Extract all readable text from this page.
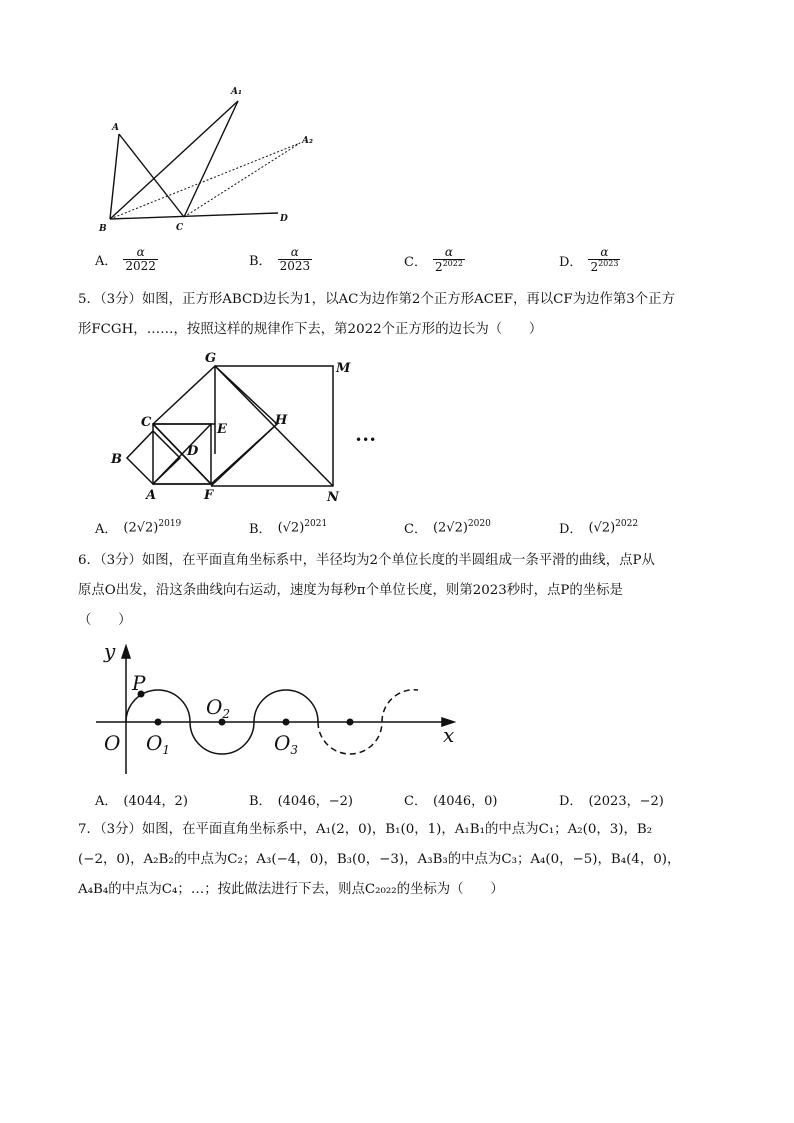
A
A₁
A₂
B	C
D
A． $\frac{\alpha}{2022}$	B． $\frac{\alpha}{2023}$	C． $\frac{\alpha}{2^{2022}}$	D． $\frac{\alpha}{2^{2023}}$
5．（3分）如图，正方形ABCD边长为1，以AC为边作第2个正方形ACEF，再以CF为边作第3个正方
形FCGH，……，按照这样的规律作下去，第2022个正方形的边长为（　　）
G
M
C	E
H
B
D
A	F	N
•••
A． $(2√2)^{2019}$	B． $(√2)^{2021}$	C． $(2√2)^{2020}$	D． $(√2)^{2022}$
6．（3分）如图，在平面直角坐标系中，半径均为2个单位长度的半圆组成一条平滑的曲线，点P从
原点O出发，沿这条曲线向右运动，速度为每秒π个单位长度，则第2023秒时，点P的坐标是
（　　）
y
x
P
O $O_1$
$O_2$
$O_3$
A． (4044，2)	B． (4046，−2)	C． (4046，0)	D． (2023，−2)
7．（3分）如图，在平面直角坐标系中，A₁(2，0)，B₁(0，1)，A₁B₁的中点为C₁；A₂(0，3)，B₂
(−2，0)，A₂B₂的中点为C₂；A₃(−4，0)，B₃(0，−3)，A₃B₃的中点为C₃；A₄(0，−5)，B₄(4，0)，
A₄B₄的中点为C₄；…；按此做法进行下去，则点C₂₀₂₂的坐标为（　　）
